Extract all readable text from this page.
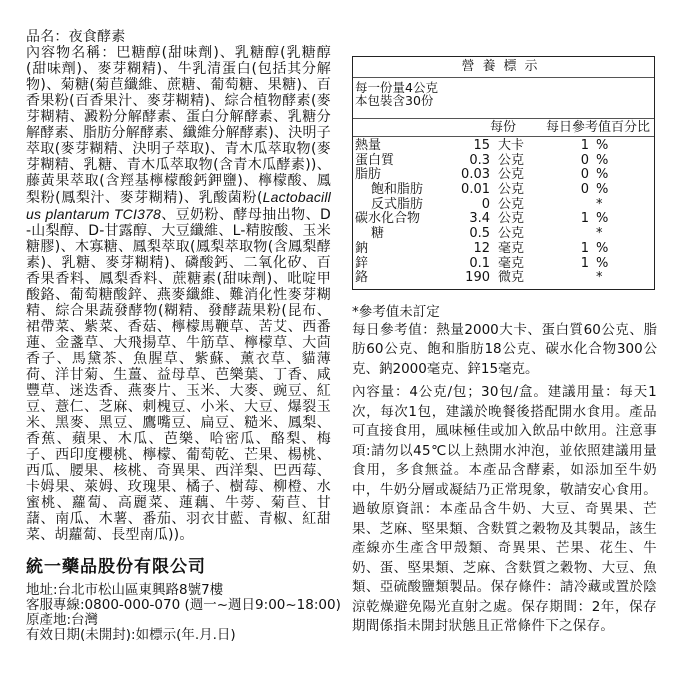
品名：夜食酵素
內容物名稱：巴糖醇(甜味劑)、乳糖醇(乳糖醇(甜味劑)、麥芽糊精)、牛乳清蛋白(包括其分解物)、菊糖(菊苣纖維、蔗糖、葡萄糖、果糖)、百香果粉(百香果汁、麥芽糊精)、綜合植物酵素(麥芽糊精、澱粉分解酵素、蛋白分解酵素、乳糖分解酵素、脂肪分解酵素、纖維分解酵素)、決明子萃取(麥芽糊精、決明子萃取)、青木瓜萃取物(麥芽糊精、乳糖、青木瓜萃取物(含青木瓜酵素))、藤黃果萃取(含羥基檸檬酸鈣鉀鹽)、檸檬酸、鳳梨粉(鳳梨汁、麥芽糊精)、乳酸菌粉(Lactobacillus plantarum TCI378、豆奶粉、酵母抽出物、D-山梨醇、D-甘露醇、大豆纖維、L-精胺酸、玉米糖膠)、木寡糖、鳳梨萃取(鳳梨萃取物(含鳳梨酵素)、乳糖、麥芽糊精)、磷酸鈣、二氧化矽、百香果香料、鳳梨香料、蔗糖素(甜味劑)、吡啶甲酸鉻、葡萄糖酸鋅、燕麥纖維、難消化性麥芽糊精、綜合果蔬發酵物(糊精、發酵蔬果粉(昆布、裙帶菜、紫菜、香菇、檸檬馬鞭草、苦艾、西番蓮、金盞草、大飛揚草、牛筋草、檸檬草、大茴香子、馬黛茶、魚腥草、紫蘇、薰衣草、貓薄荷、洋甘菊、生薑、益母草、芭樂葉、丁香、咸豐草、迷迭香、燕麥片、玉米、大麥、豌豆、紅豆、薏仁、芝麻、刺槐豆、小米、大豆、爆裂玉米、黑麥、黑豆、鷹嘴豆、扁豆、糙米、鳳梨、香蕉、蘋果、木瓜、芭樂、哈密瓜、酪梨、梅子、西印度櫻桃、檸檬、葡萄乾、芒果、楊桃、西瓜、腰果、核桃、奇異果、西洋梨、巴西莓、卡姆果、萊姆、玫瑰果、橘子、樹莓、柳橙、水蜜桃、蘿蔔、高麗菜、蓮藕、牛蒡、菊苣、甘藷、南瓜、木薯、番茄、羽衣甘藍、青椒、紅甜菜、胡蘿蔔、長型南瓜))。
統一藥品股份有限公司
地址:台北市松山區東興路8號7樓
客服專線:0800-000-070 (週一~週日9:00~18:00)
原產地:台灣
有效日期(未開封):如標示(年.月.日)
營養標示
每一份量4公克
本包裝含30份
每份 每日參考值百分比
熱量	15 大卡	1 %
蛋白質	0.3 公克	0 %
脂肪	0.03 公克	0 %
飽和脂肪	0.01 公克	0 %
反式脂肪	0 公克	*
碳水化合物	3.4 公克	1 %
糖	0.5 公克	*
鈉	12 毫克	1 %
鋅	0.1 毫克	1 %
鉻	190 微克	*

*參考值未訂定

每日參考值：熱量2000大卡、蛋白質60公克、脂肪60公克、飽和脂肪18公克、碳水化合物300公克、鈉2000毫克、鋅15毫克。

內容量：4公克/包；30包/盒。建議用量：每天1次，每次1包，建議於晚餐後搭配開水食用。產品可直接食用，風味極佳或加入飲品中飲用。注意事項:請勿以45℃以上熱開水沖泡，並依照建議用量食用，多食無益。本產品含酵素，如添加至牛奶中，牛奶分層或凝結乃正常現象，敬請安心食用。過敏原資訊：本產品含牛奶、大豆、奇異果、芒果、芝麻、堅果類、含麩質之穀物及其製品，該生產線亦生產含甲殼類、奇異果、芒果、花生、牛奶、蛋、堅果類、芝麻、含麩質之穀物、大豆、魚類、亞硫酸鹽類製品。保存條件：請冷藏或置於陰涼乾燥避免陽光直射之處。保存期間：2年，保存期間係指未開封狀態且正常條件下之保存。
